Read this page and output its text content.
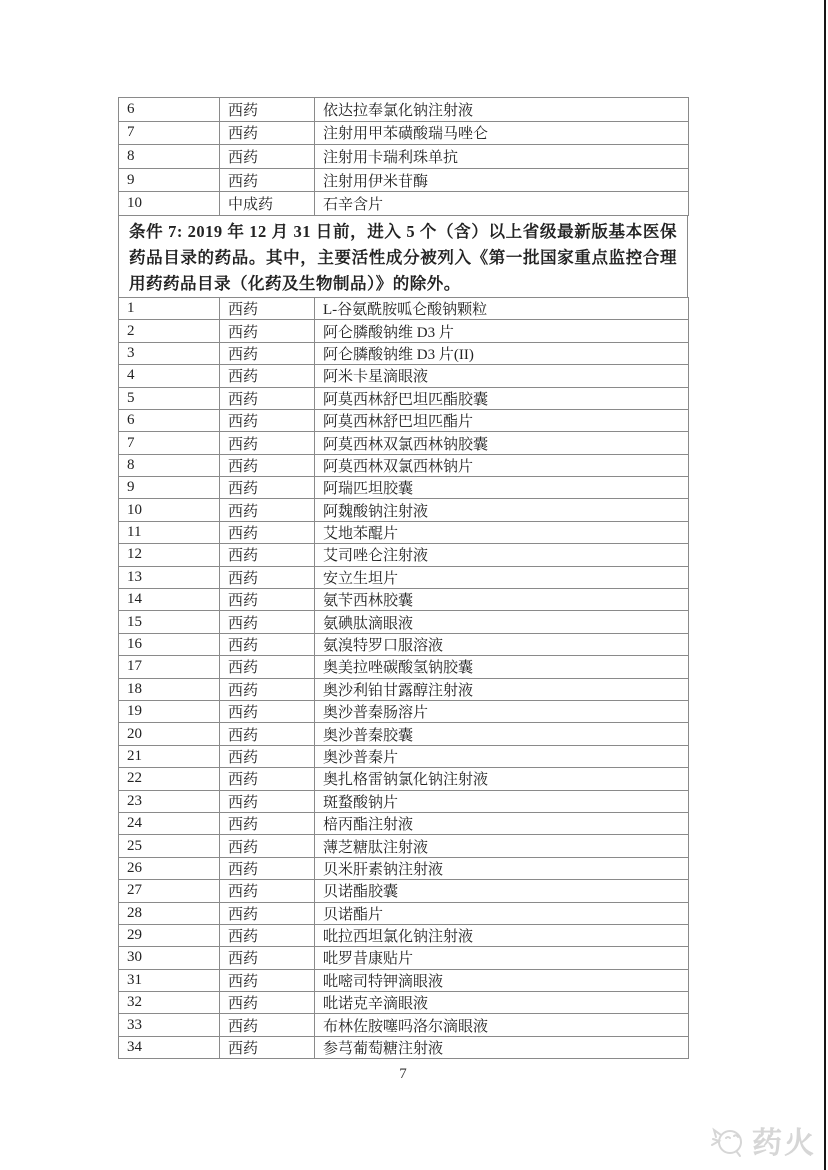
6	西药	依达拉奉氯化钠注射液
7	西药	注射用甲苯磺酸瑞马唑仑
8	西药	注射用卡瑞利珠单抗
9	西药	注射用伊米苷酶
10	中成药	石辛含片
条件 7: 2019 年 12 月 31 日前，进入 5 个（含）以上省级最新版基本医保药品目录的药品。其中，主要活性成分被列入《第一批国家重点监控合理用药药品目录（化药及生物制品）》的除外。
1	西药	L-谷氨酰胺呱仑酸钠颗粒
2	西药	阿仑膦酸钠维 D3 片
3	西药	阿仑膦酸钠维 D3 片(II)
4	西药	阿米卡星滴眼液
5	西药	阿莫西林舒巴坦匹酯胶囊
6	西药	阿莫西林舒巴坦匹酯片
7	西药	阿莫西林双氯西林钠胶囊
8	西药	阿莫西林双氯西林钠片
9	西药	阿瑞匹坦胶囊
10	西药	阿魏酸钠注射液
11	西药	艾地苯醌片
12	西药	艾司唑仑注射液
13	西药	安立生坦片
14	西药	氨苄西林胶囊
15	西药	氨碘肽滴眼液
16	西药	氨溴特罗口服溶液
17	西药	奥美拉唑碳酸氢钠胶囊
18	西药	奥沙利铂甘露醇注射液
19	西药	奥沙普秦肠溶片
20	西药	奥沙普秦胶囊
21	西药	奥沙普秦片
22	西药	奥扎格雷钠氯化钠注射液
23	西药	斑蝥酸钠片
24	西药	棓丙酯注射液
25	西药	薄芝糖肽注射液
26	西药	贝米肝素钠注射液
27	西药	贝诺酯胶囊
28	西药	贝诺酯片
29	西药	吡拉西坦氯化钠注射液
30	西药	吡罗昔康贴片
31	西药	吡嘧司特钾滴眼液
32	西药	吡诺克辛滴眼液
33	西药	布林佐胺噻吗洛尔滴眼液
34	西药	参芎葡萄糖注射液
7
药火
